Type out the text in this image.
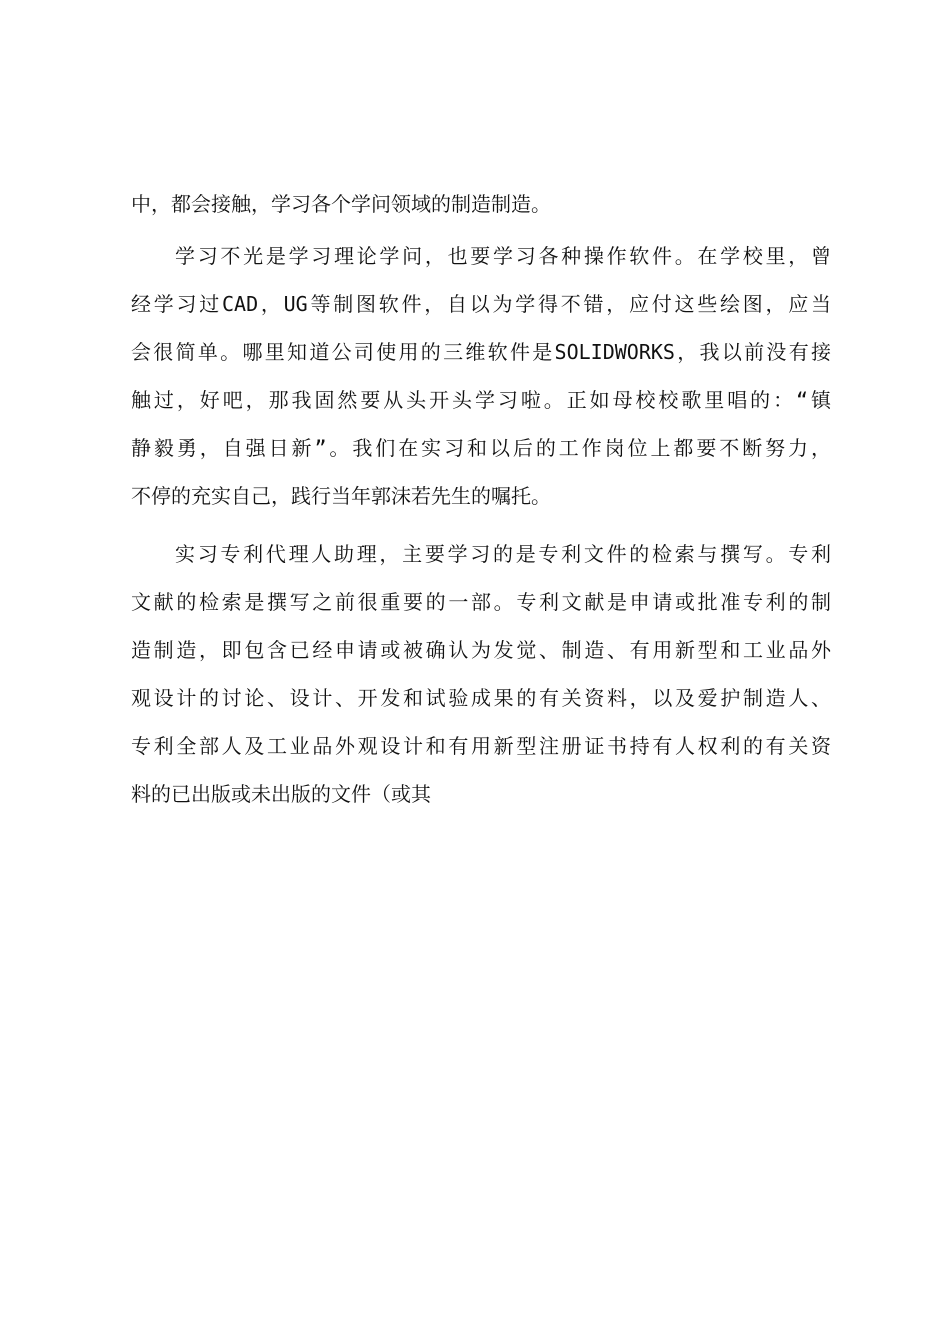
中，都会接触，学习各个学问领域的制造制造。
学习不光是学习理论学问，也要学习各种操作软件。在学校里，曾
经学习过CAD，UG等制图软件，自以为学得不错，应付这些绘图，应当
会很简单。哪里知道公司使用的三维软件是SOLIDWORKS，我以前没有接
触过，好吧，那我固然要从头开头学习啦。正如母校校歌里唱的：“镇
静毅勇，自强日新”。我们在实习和以后的工作岗位上都要不断努力，
不停的充实自己，践行当年郭沫若先生的嘱托。
实习专利代理人助理，主要学习的是专利文件的检索与撰写。专利
文献的检索是撰写之前很重要的一部。专利文献是申请或批准专利的制
造制造，即包含已经申请或被确认为发觉、制造、有用新型和工业品外
观设计的讨论、设计、开发和试验成果的有关资料，以及爱护制造人、
专利全部人及工业品外观设计和有用新型注册证书持有人权利的有关资
料的已出版或未出版的文件（或其
